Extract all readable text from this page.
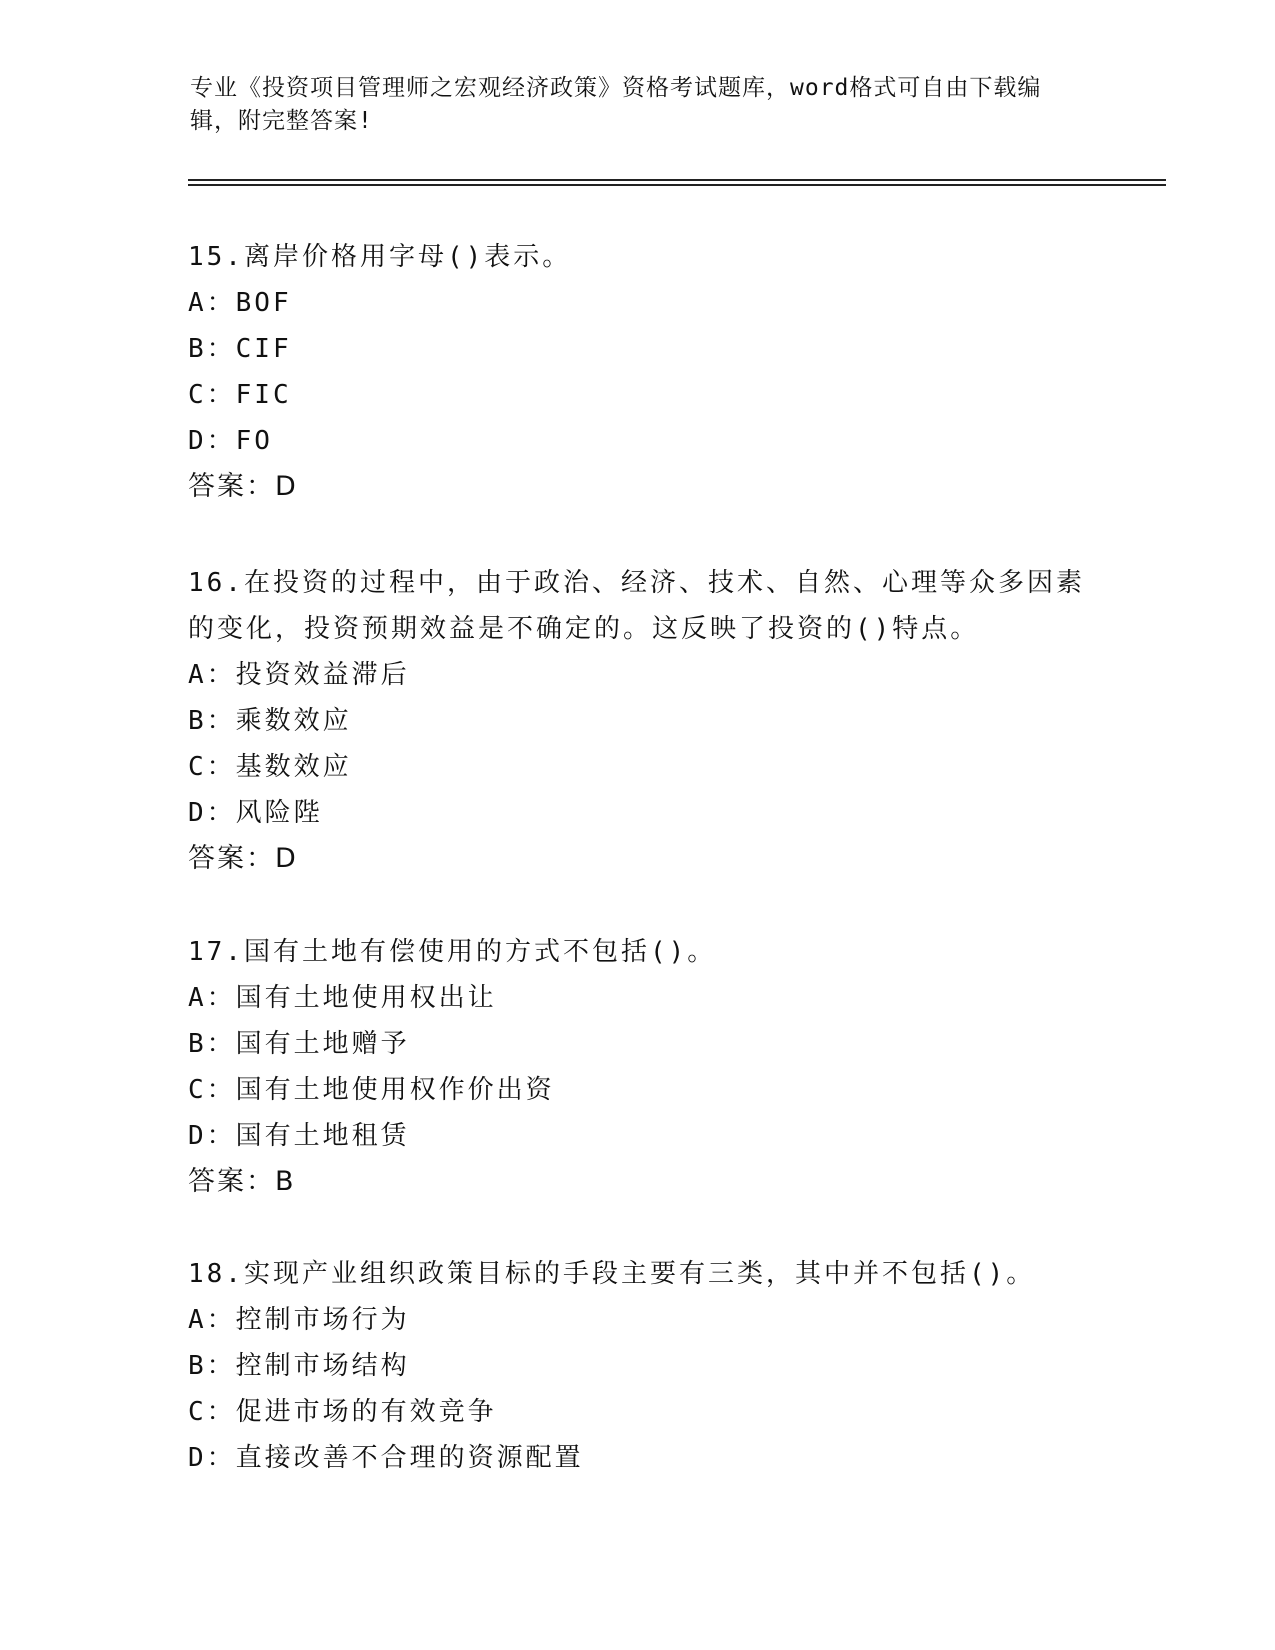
专业《投资项目管理师之宏观经济政策》资格考试题库，word格式可自由下载编
辑，附完整答案!
15.离岸价格用字母()表示。
A：BOF
B：CIF
C：FIC
D：FO
答案：D
16.在投资的过程中，由于政治、经济、技术、自然、心理等众多因素
的变化，投资预期效益是不确定的。这反映了投资的()特点。
A：投资效益滞后
B：乘数效应
C：基数效应
D：风险陛
答案：D
17.国有土地有偿使用的方式不包括()。
A：国有土地使用权出让
B：国有土地赠予
C：国有土地使用权作价出资
D：国有土地租赁
答案：B
18.实现产业组织政策目标的手段主要有三类，其中并不包括()。
A：控制市场行为
B：控制市场结构
C：促进市场的有效竞争
D：直接改善不合理的资源配置
